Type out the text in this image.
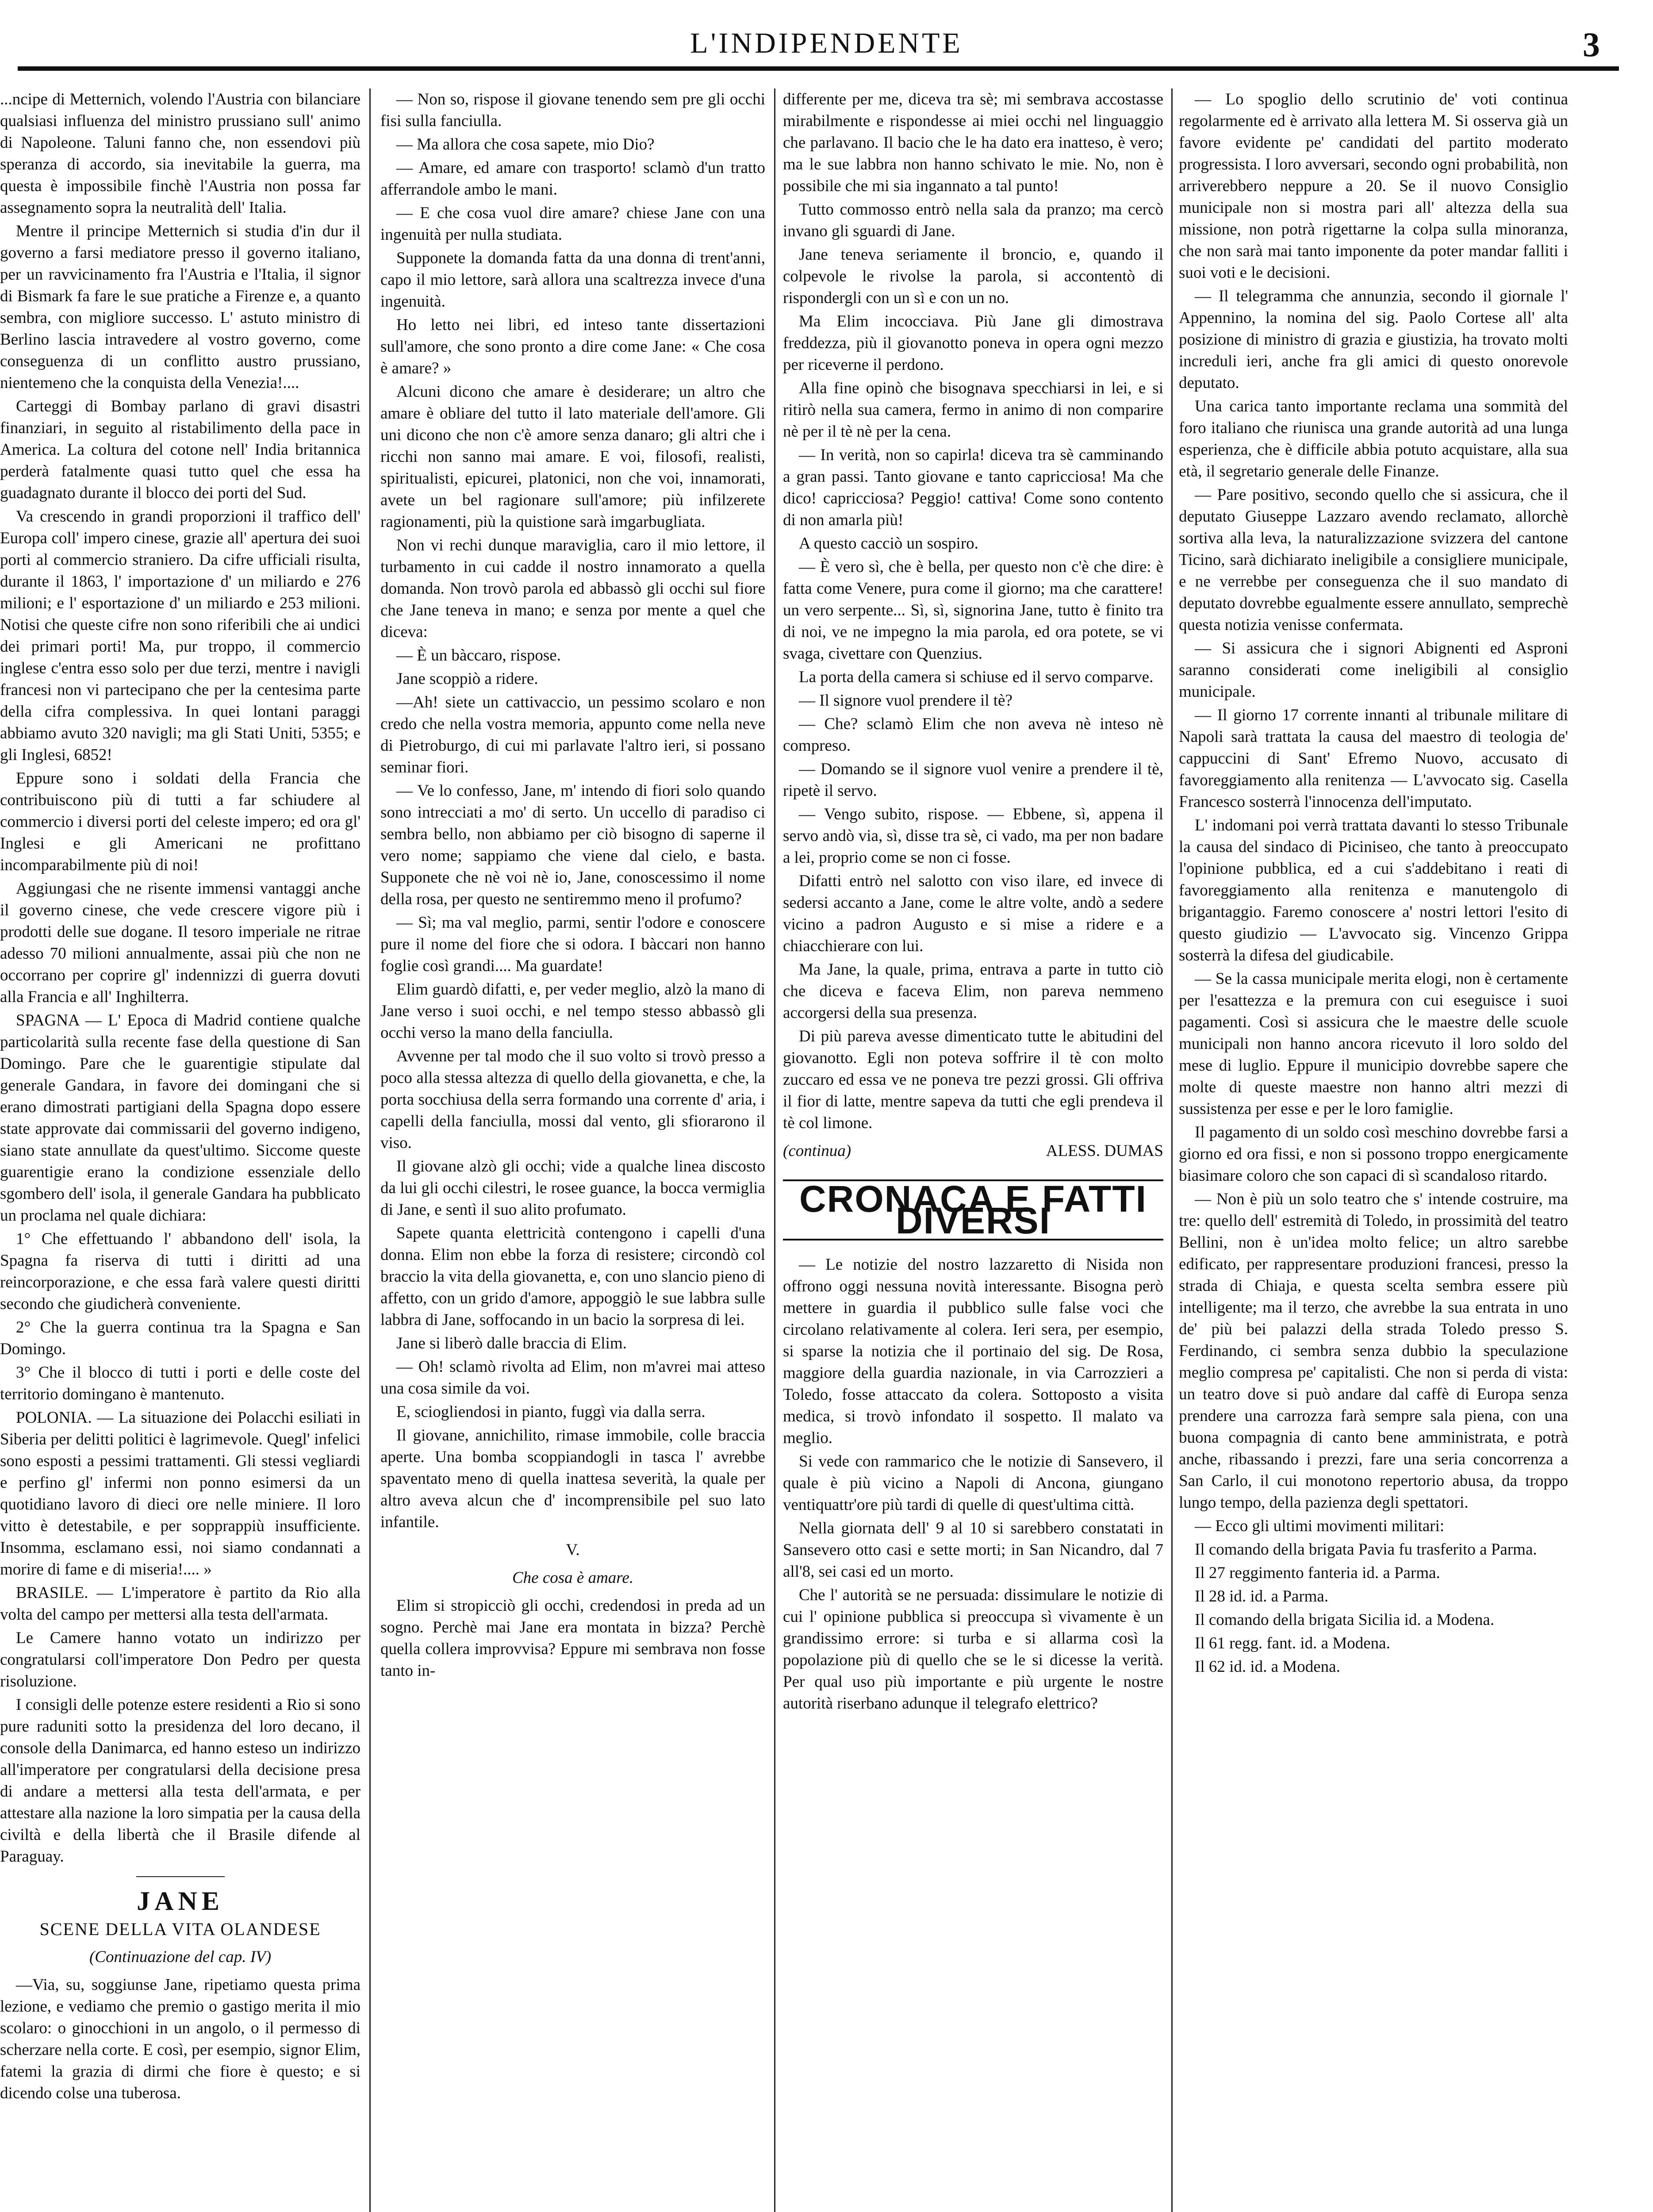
L'INDIPENDENTE	3

...ncipe di Metternich, volendo l'Austria con bilanciare qualsiasi influenza del ministro prussiano sull' animo di Napoleone. Taluni fanno che, non essendovi più speranza di accordo, sia inevitabile la guerra, ma questa è impossibile finchè l'Austria non possa far assegnamento sopra la neutralità dell' Italia.

Mentre il principe Metternich si studia d'in dur il governo a farsi mediatore presso il governo italiano, per un ravvicinamento fra l'Austria e l'Italia, il signor di Bismark fa fare le sue pratiche a Firenze e, a quanto sembra, con migliore successo. L' astuto ministro di Berlino lascia intravedere al vostro governo, come conseguenza di un conflitto austro prussiano, nientemeno che la conquista della Venezia!....

Carteggi di Bombay parlano di gravi disastri finanziari, in seguito al ristabilimento della pace in America. La coltura del cotone nell' India britannica perderà fatalmente quasi tutto quel che essa ha guadagnato durante il blocco dei porti del Sud.

Va crescendo in grandi proporzioni il traffico dell' Europa coll' impero cinese, grazie all' apertura dei suoi porti al commercio straniero. Da cifre ufficiali risulta, durante il 1863, l' importazione d' un miliardo e 276 milioni; e l' esportazione d' un miliardo e 253 milioni. Notisi che queste cifre non sono riferibili che ai undici dei primari porti! Ma, pur troppo, il commercio inglese c'entra esso solo per due terzi, mentre i navigli francesi non vi partecipano che per la centesima parte della cifra complessiva. In quei lontani paraggi abbiamo avuto 320 navigli; ma gli Stati Uniti, 5355; e gli Inglesi, 6852!

Eppure sono i soldati della Francia che contribuiscono più di tutti a far schiudere al commercio i diversi porti del celeste impero; ed ora gl' Inglesi e gli Americani ne profittano incomparabilmente più di noi!

Aggiungasi che ne risente immensi vantaggi anche il governo cinese, che vede crescere vigore più i prodotti delle sue dogane. Il tesoro imperiale ne ritrae adesso 70 milioni annualmente, assai più che non ne occorrano per coprire gl' indennizzi di guerra dovuti alla Francia e all' Inghilterra.

SPAGNA — L' Epoca di Madrid contiene qualche particolarità sulla recente fase della questione di San Domingo. Pare che le guarentigie stipulate dal generale Gandara, in favore dei domingani che si erano dimostrati partigiani della Spagna dopo essere state approvate dai commissarii del governo indigeno, siano state annullate da quest'ultimo. Siccome queste guarentigie erano la condizione essenziale dello sgombero dell' isola, il generale Gandara ha pubblicato un proclama nel quale dichiara:

1° Che effettuando l' abbandono dell' isola, la Spagna fa riserva di tutti i diritti ad una reincorporazione, e che essa farà valere questi diritti secondo che giudicherà conveniente.

2° Che la guerra continua tra la Spagna e San Domingo.

3° Che il blocco di tutti i porti e delle coste del territorio domingano è mantenuto.

POLONIA. — La situazione dei Polacchi esiliati in Siberia per delitti politici è lagrimevole. Quegl' infelici sono esposti a pessimi trattamenti. Gli stessi vegliardi e perfino gl' infermi non ponno esimersi da un quotidiano lavoro di dieci ore nelle miniere. Il loro vitto è detestabile, e per sopprappiù insufficiente. Insomma, esclamano essi, noi siamo condannati a morire di fame e di miseria!.... »

BRASILE. — L'imperatore è partito da Rio alla volta del campo per mettersi alla testa dell'armata.

Le Camere hanno votato un indirizzo per congratularsi coll'imperatore Don Pedro per questa risoluzione.

I consigli delle potenze estere residenti a Rio si sono pure raduniti sotto la presidenza del loro decano, il console della Danimarca, ed hanno esteso un indirizzo all'imperatore per congratularsi della decisione presa di andare a mettersi alla testa dell'armata, e per attestare alla nazione la loro simpatia per la causa della civiltà e della libertà che il Brasile difende al Paraguay.

JANE

SCENE DELLA VITA OLANDESE

(Continuazione del cap. IV)

—Via, su, soggiunse Jane, ripetiamo questa prima lezione, e vediamo che premio o gastigo merita il mio scolaro: o ginocchioni in un angolo, o il permesso di scherzare nella corte. E così, per esempio, signor Elim, fatemi la grazia di dirmi che fiore è questo; e si dicendo colse una tuberosa.

— Non so, rispose il giovane tenendo sem pre gli occhi fisi sulla fanciulla.

— Ma allora che cosa sapete, mio Dio?

— Amare, ed amare con trasporto! sclamò d'un tratto afferrandole ambo le mani.

— E che cosa vuol dire amare? chiese Jane con una ingenuità per nulla studiata.

Supponete la domanda fatta da una donna di trent'anni, capo il mio lettore, sarà allora una scaltrezza invece d'una ingenuità.

Ho letto nei libri, ed inteso tante dissertazioni sull'amore, che sono pronto a dire come Jane: « Che cosa è amare? »

Alcuni dicono che amare è desiderare; un altro che amare è obliare del tutto il lato materiale dell'amore. Gli uni dicono che non c'è amore senza danaro; gli altri che i ricchi non sanno mai amare. E voi, filosofi, realisti, spiritualisti, epicurei, platonici, non che voi, innamorati, avete un bel ragionare sull'amore; più infilzerete ragionamenti, più la quistione sarà imgarbugliata.

Non vi rechi dunque maraviglia, caro il mio lettore, il turbamento in cui cadde il nostro innamorato a quella domanda. Non trovò parola ed abbassò gli occhi sul fiore che Jane teneva in mano; e senza por mente a quel che diceva:

— È un bàccaro, rispose.

Jane scoppiò a ridere.

—Ah! siete un cattivaccio, un pessimo scolaro e non credo che nella vostra memoria, appunto come nella neve di Pietroburgo, di cui mi parlavate l'altro ieri, si possano seminar fiori.

— Ve lo confesso, Jane, m' intendo di fiori solo quando sono intrecciati a mo' di serto. Un uccello di paradiso ci sembra bello, non abbiamo per ciò bisogno di saperne il vero nome; sappiamo che viene dal cielo, e basta. Supponete che nè voi nè io, Jane, conoscessimo il nome della rosa, per questo ne sentiremmo meno il profumo?

— Sì; ma val meglio, parmi, sentir l'odore e conoscere pure il nome del fiore che si odora. I bàccari non hanno foglie così grandi.... Ma guardate!

Elim guardò difatti, e, per veder meglio, alzò la mano di Jane verso i suoi occhi, e nel tempo stesso abbassò gli occhi verso la mano della fanciulla.

Avvenne per tal modo che il suo volto si trovò presso a poco alla stessa altezza di quello della giovanetta, e che, la porta socchiusa della serra formando una corrente d' aria, i capelli della fanciulla, mossi dal vento, gli sfiorarono il viso.

Il giovane alzò gli occhi; vide a qualche linea discosto da lui gli occhi cilestri, le rosee guance, la bocca vermiglia di Jane, e sentì il suo alito profumato.

Sapete quanta elettricità contengono i capelli d'una donna. Elim non ebbe la forza di resistere; circondò col braccio la vita della giovanetta, e, con uno slancio pieno di affetto, con un grido d'amore, appoggiò le sue labbra sulle labbra di Jane, soffocando in un bacio la sorpresa di lei.

Jane si liberò dalle braccia di Elim.

— Oh! sclamò rivolta ad Elim, non m'avrei mai atteso una cosa simile da voi.

E, sciogliendosi in pianto, fuggì via dalla serra.

Il giovane, annichilito, rimase immobile, colle braccia aperte. Una bomba scoppiandogli in tasca l' avrebbe spaventato meno di quella inattesa severità, la quale per altro aveva alcun che d' incomprensibile pel suo lato infantile.

V.

Che cosa è amare.

Elim si stropicciò gli occhi, credendosi in preda ad un sogno. Perchè mai Jane era montata in bizza? Perchè quella collera improvvisa? Eppure mi sembrava non fosse tanto in-

differente per me, diceva tra sè; mi sembrava accostasse mirabilmente e rispondesse ai miei occhi nel linguaggio che parlavano. Il bacio che le ha dato era inatteso, è vero; ma le sue labbra non hanno schivato le mie. No, non è possibile che mi sia ingannato a tal punto!

Tutto commosso entrò nella sala da pranzo; ma cercò invano gli sguardi di Jane.

Jane teneva seriamente il broncio, e, quando il colpevole le rivolse la parola, si accontentò di rispondergli con un sì e con un no.

Ma Elim incocciava. Più Jane gli dimostrava freddezza, più il giovanotto poneva in opera ogni mezzo per riceverne il perdono.

Alla fine opinò che bisognava specchiarsi in lei, e si ritirò nella sua camera, fermo in animo di non comparire nè per il tè nè per la cena.

— In verità, non so capirla! diceva tra sè camminando a gran passi. Tanto giovane e tanto capricciosa! Ma che dico! capricciosa? Peggio! cattiva! Come sono contento di non amarla più!

A questo cacciò un sospiro.

— È vero sì, che è bella, per questo non c'è che dire: è fatta come Venere, pura come il giorno; ma che carattere! un vero serpente... Sì, sì, signorina Jane, tutto è finito tra di noi, ve ne impegno la mia parola, ed ora potete, se vi svaga, civettare con Quenzius.

La porta della camera si schiuse ed il servo comparve.

— Il signore vuol prendere il tè?

— Che? sclamò Elim che non aveva nè inteso nè compreso.

— Domando se il signore vuol venire a prendere il tè, ripetè il servo.

— Vengo subito, rispose. — Ebbene, sì, appena il servo andò via, sì, disse tra sè, ci vado, ma per non badare a lei, proprio come se non ci fosse.

Difatti entrò nel salotto con viso ilare, ed invece di sedersi accanto a Jane, come le altre volte, andò a sedere vicino a padron Augusto e si mise a ridere e a chiacchierare con lui.

Ma Jane, la quale, prima, entrava a parte in tutto ciò che diceva e faceva Elim, non pareva nemmeno accorgersi della sua presenza.

Di più pareva avesse dimenticato tutte le abitudini del giovanotto. Egli non poteva soffrire il tè con molto zuccaro ed essa ve ne poneva tre pezzi grossi. Gli offriva il fior di latte, mentre sapeva da tutti che egli prendeva il tè col limone.

(continua)	ALESS. DUMAS
CRONACA E FATTI DIVERSI

— Le notizie del nostro lazzaretto di Nisida non offrono oggi nessuna novità interessante. Bisogna però mettere in guardia il pubblico sulle false voci che circolano relativamente al colera. Ieri sera, per esempio, si sparse la notizia che il portinaio del sig. De Rosa, maggiore della guardia nazionale, in via Carrozzieri a Toledo, fosse attaccato da colera. Sottoposto a visita medica, si trovò infondato il sospetto. Il malato va meglio.

Si vede con rammarico che le notizie di Sansevero, il quale è più vicino a Napoli di Ancona, giungano ventiquattr'ore più tardi di quelle di quest'ultima città.

Nella giornata dell' 9 al 10 si sarebbero constatati in Sansevero otto casi e sette morti; in San Nicandro, dal 7 all'8, sei casi ed un morto.

Che l' autorità se ne persuada: dissimulare le notizie di cui l' opinione pubblica si preoccupa sì vivamente è un grandissimo errore: si turba e si allarma così la popolazione più di quello che se le si dicesse la verità. Per qual uso più importante e più urgente le nostre autorità riserbano adunque il telegrafo elettrico?

— Lo spoglio dello scrutinio de' voti continua regolarmente ed è arrivato alla lettera M. Si osserva già un favore evidente pe' candidati del partito moderato progressista. I loro avversari, secondo ogni probabilità, non arriverebbero neppure a 20. Se il nuovo Consiglio municipale non si mostra pari all' altezza della sua missione, non potrà rigettarne la colpa sulla minoranza, che non sarà mai tanto imponente da poter mandar falliti i suoi voti e le decisioni.

— Il telegramma che annunzia, secondo il giornale l' Appennino, la nomina del sig. Paolo Cortese all' alta posizione di ministro di grazia e giustizia, ha trovato molti increduli ieri, anche fra gli amici di questo onorevole deputato.

Una carica tanto importante reclama una sommità del foro italiano che riunisca una grande autorità ad una lunga esperienza, che è difficile abbia potuto acquistare, alla sua età, il segretario generale delle Finanze.

— Pare positivo, secondo quello che si assicura, che il deputato Giuseppe Lazzaro avendo reclamato, allorchè sortiva alla leva, la naturalizzazione svizzera del cantone Ticino, sarà dichiarato ineligibile a consigliere municipale, e ne verrebbe per conseguenza che il suo mandato di deputato dovrebbe egualmente essere annullato, semprechè questa notizia venisse confermata.

— Si assicura che i signori Abignenti ed Asproni saranno considerati come ineligibili al consiglio municipale.

— Il giorno 17 corrente innanti al tribunale militare di Napoli sarà trattata la causa del maestro di teologia de' cappuccini di Sant' Efremo Nuovo, accusato di favoreggiamento alla renitenza — L'avvocato sig. Casella Francesco sosterrà l'innocenza dell'imputato.

L' indomani poi verrà trattata davanti lo stesso Tribunale la causa del sindaco di Piciniseo, che tanto à preoccupato l'opinione pubblica, ed a cui s'addebitano i reati di favoreggiamento alla renitenza e manutengolo di brigantaggio. Faremo conoscere a' nostri lettori l'esito di questo giudizio — L'avvocato sig. Vincenzo Grippa sosterrà la difesa del giudicabile.

— Se la cassa municipale merita elogi, non è certamente per l'esattezza e la premura con cui eseguisce i suoi pagamenti. Così si assicura che le maestre delle scuole municipali non hanno ancora ricevuto il loro soldo del mese di luglio. Eppure il municipio dovrebbe sapere che molte di queste maestre non hanno altri mezzi di sussistenza per esse e per le loro famiglie.

Il pagamento di un soldo così meschino dovrebbe farsi a giorno ed ora fissi, e non si possono troppo energicamente biasimare coloro che son capaci di sì scandaloso ritardo.

— Non è più un solo teatro che s' intende costruire, ma tre: quello dell' estremità di Toledo, in prossimità del teatro Bellini, non è un'idea molto felice; un altro sarebbe edificato, per rappresentare produzioni francesi, presso la strada di Chiaja, e questa scelta sembra essere più intelligente; ma il terzo, che avrebbe la sua entrata in uno de' più bei palazzi della strada Toledo presso S. Ferdinando, ci sembra senza dubbio la speculazione meglio compresa pe' capitalisti. Che non si perda di vista: un teatro dove si può andare dal caffè di Europa senza prendere una carrozza farà sempre sala piena, con una buona compagnia di canto bene amministrata, e potrà anche, ribassando i prezzi, fare una seria concorrenza a San Carlo, il cui monotono repertorio abusa, da troppo lungo tempo, della pazienza degli spettatori.

— Ecco gli ultimi movimenti militari:

Il comando della brigata Pavia fu trasferito a Parma.

Il 27 reggimento fanteria id. a Parma.

Il 28 id. id. a Parma.

Il comando della brigata Sicilia id. a Modena.

Il 61 regg. fant. id. a Modena.

Il 62 id. id. a Modena.
